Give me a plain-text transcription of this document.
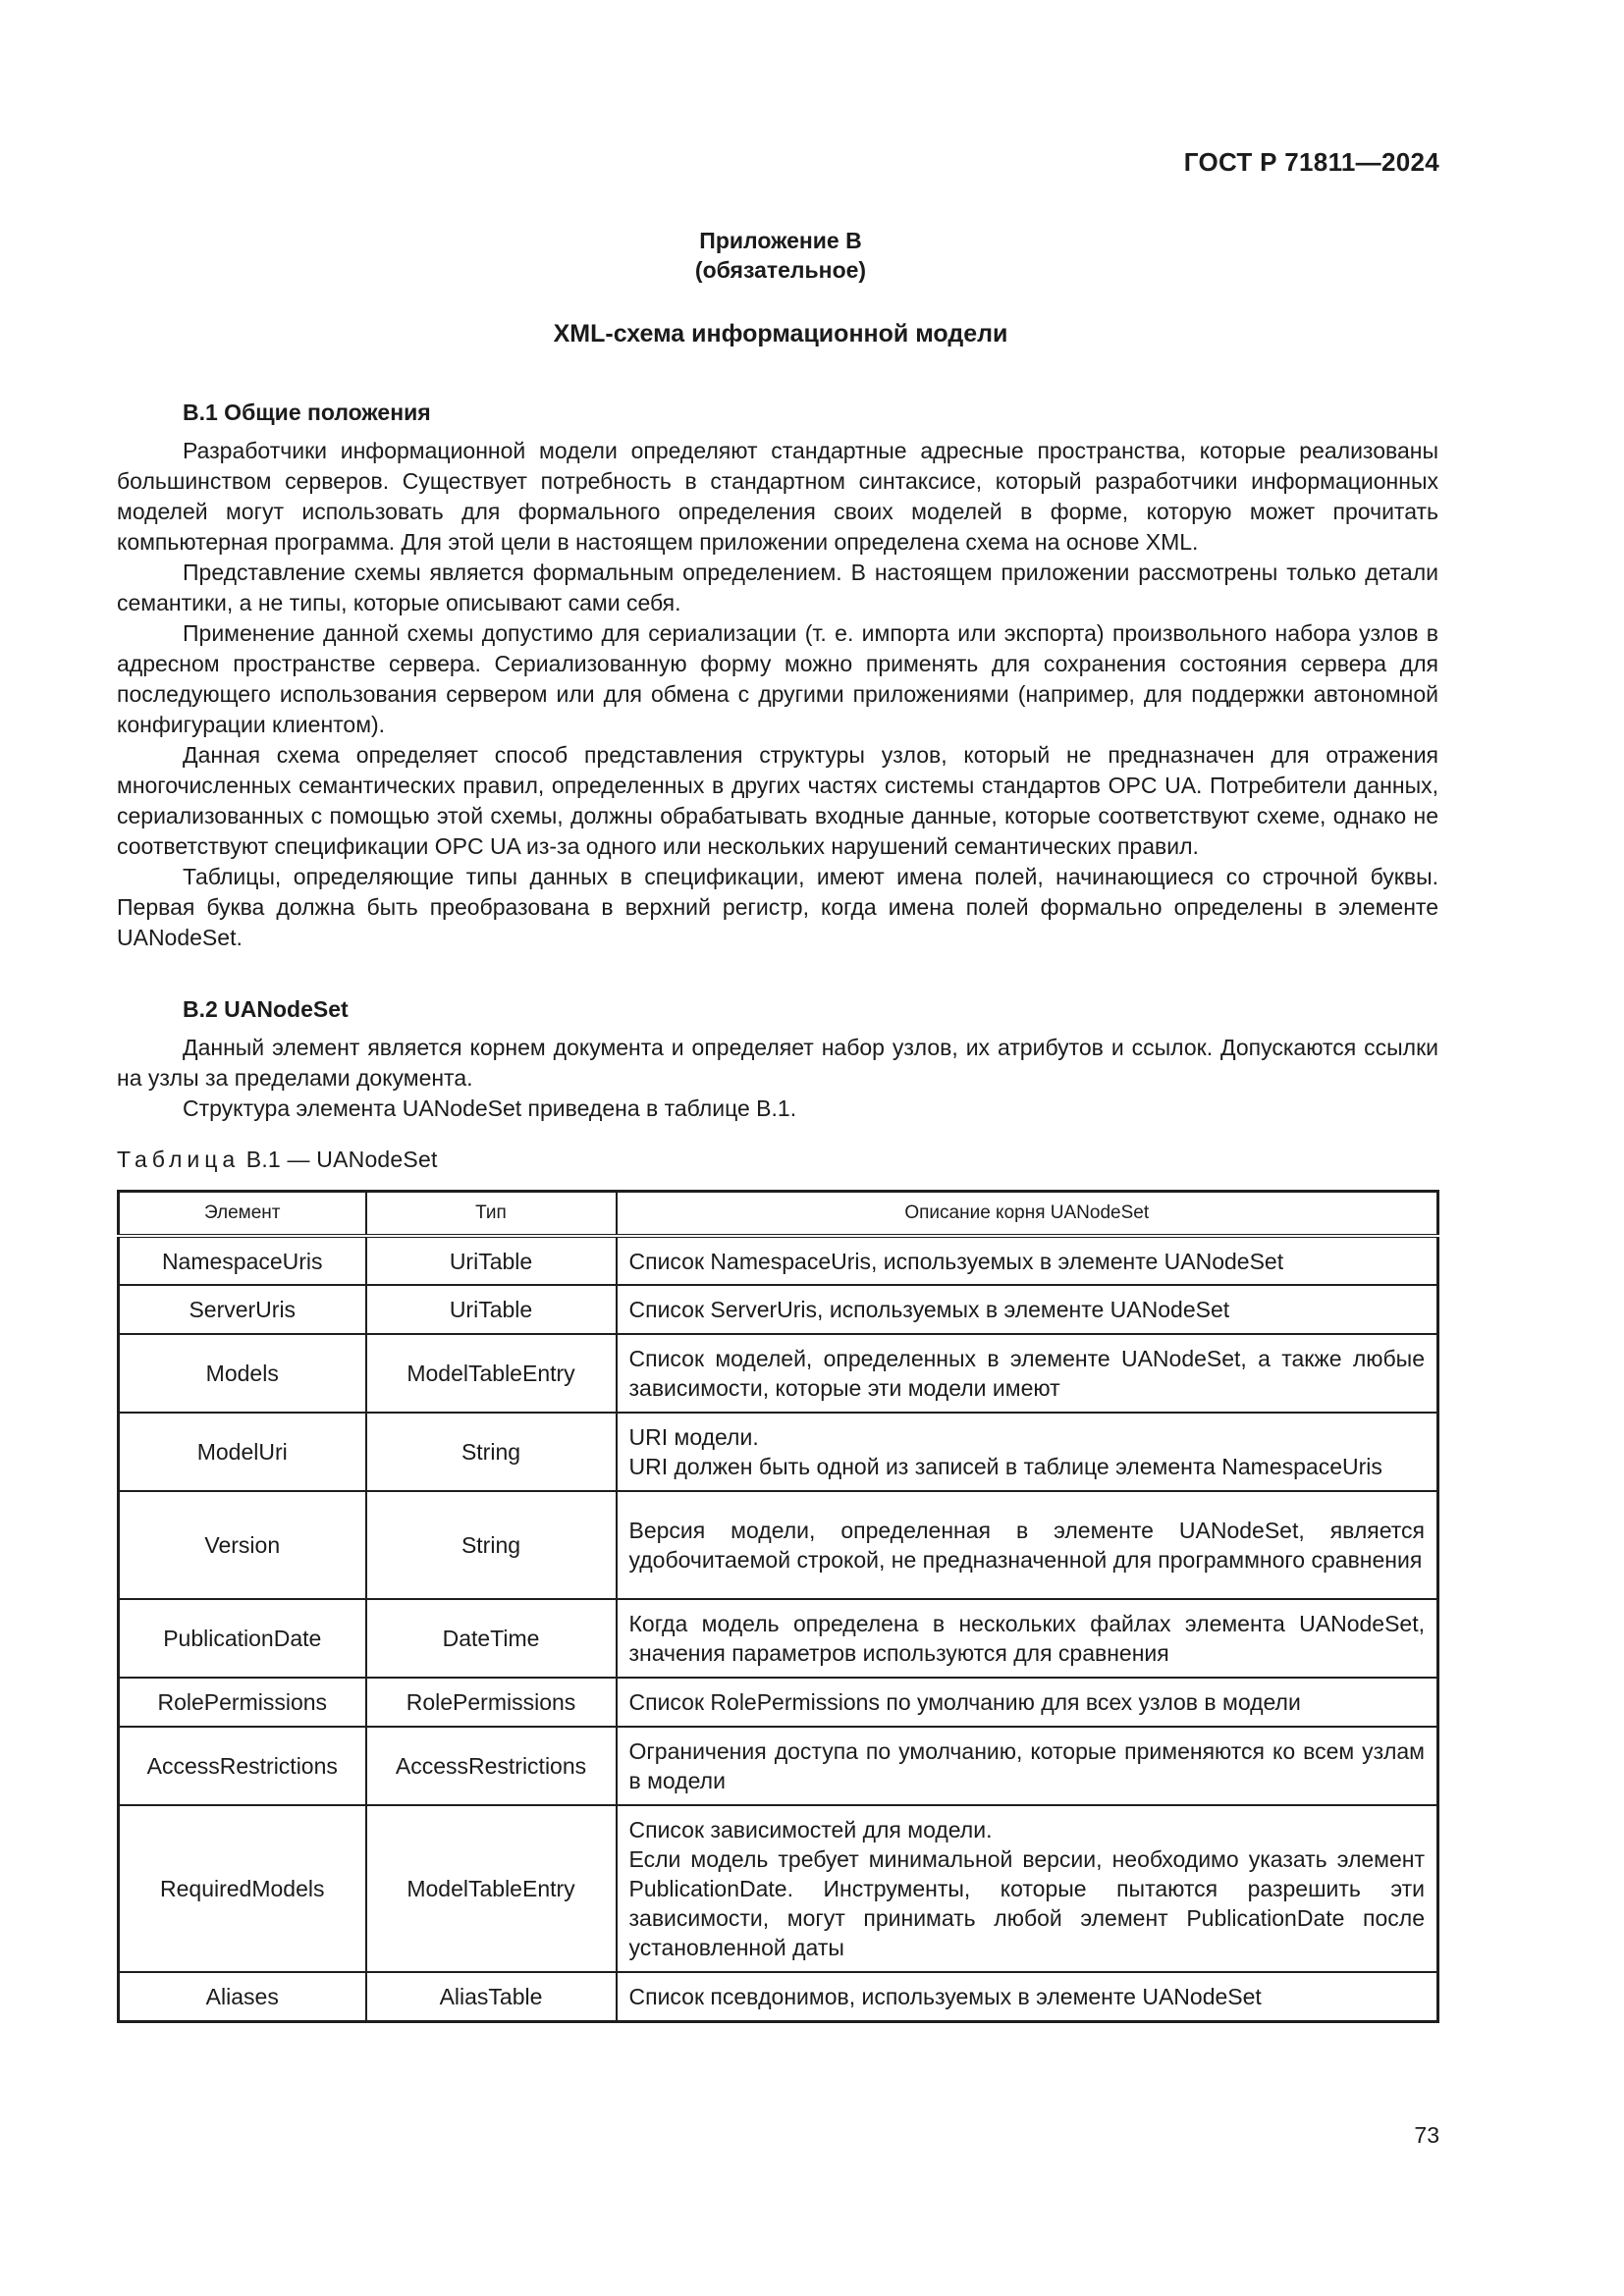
ГОСТ Р 71811—2024
Приложение В
(обязательное)
XML-схема информационной модели
В.1 Общие положения

Разработчики информационной модели определяют стандартные адресные пространства, которые реализованы большинством серверов. Существует потребность в стандартном синтаксисе, который разработчики информационных моделей могут использовать для формального определения своих моделей в форме, которую может прочитать компьютерная программа. Для этой цели в настоящем приложении определена схема на основе XML.

Представление схемы является формальным определением. В настоящем приложении рассмотрены только детали семантики, а не типы, которые описывают сами себя.

Применение данной схемы допустимо для сериализации (т. е. импорта или экспорта) произвольного набора узлов в адресном пространстве сервера. Сериализованную форму можно применять для сохранения состояния сервера для последующего использования сервером или для обмена с другими приложениями (например, для поддержки автономной конфигурации клиентом).

Данная схема определяет способ представления структуры узлов, который не предназначен для отражения многочисленных семантических правил, определенных в других частях системы стандартов OPC UA. Потребители данных, сериализованных с помощью этой схемы, должны обрабатывать входные данные, которые соответствуют схеме, однако не соответствуют спецификации OPC UA из-за одного или нескольких нарушений семантических правил.

Таблицы, определяющие типы данных в спецификации, имеют имена полей, начинающиеся со строчной буквы. Первая буква должна быть преобразована в верхний регистр, когда имена полей формально определены в элементе UANodeSet.

В.2 UANodeSet

Данный элемент является корнем документа и определяет набор узлов, их атрибутов и ссылок. Допускаются ссылки на узлы за пределами документа.

Структура элемента UANodeSet приведена в таблице В.1.

Таблица В.1 — UANodeSet
Элемент	Тип	Описание корня UANodeSet
NamespaceUris	UriTable	Список NamespaceUris, используемых в элементе UANodeSet
ServerUris	UriTable	Список ServerUris, используемых в элементе UANodeSet
Models	ModelTableEntry	Список моделей, определенных в элементе UANodeSet, а также любые зависимости, которые эти модели имеют
ModelUri	String	URI модели.
URI должен быть одной из записей в таблице элемента NamespaceUris
Version	String	Версия модели, определенная в элементе UANodeSet, является удобочитаемой строкой, не предназначенной для программного сравнения
PublicationDate	DateTime	Когда модель определена в нескольких файлах элемента UANodeSet, значения параметров используются для сравнения
RolePermissions	RolePermissions	Список RolePermissions по умолчанию для всех узлов в модели
AccessRestrictions	AccessRestrictions	Ограничения доступа по умолчанию, которые применяются ко всем узлам в модели
RequiredModels	ModelTableEntry	Список зависимостей для модели.
Если модель требует минимальной версии, необходимо указать элемент PublicationDate. Инструменты, которые пытаются разрешить эти зависимости, могут принимать любой элемент PublicationDate после установленной даты
Aliases	AliasTable	Список псевдонимов, используемых в элементе UANodeSet
73
